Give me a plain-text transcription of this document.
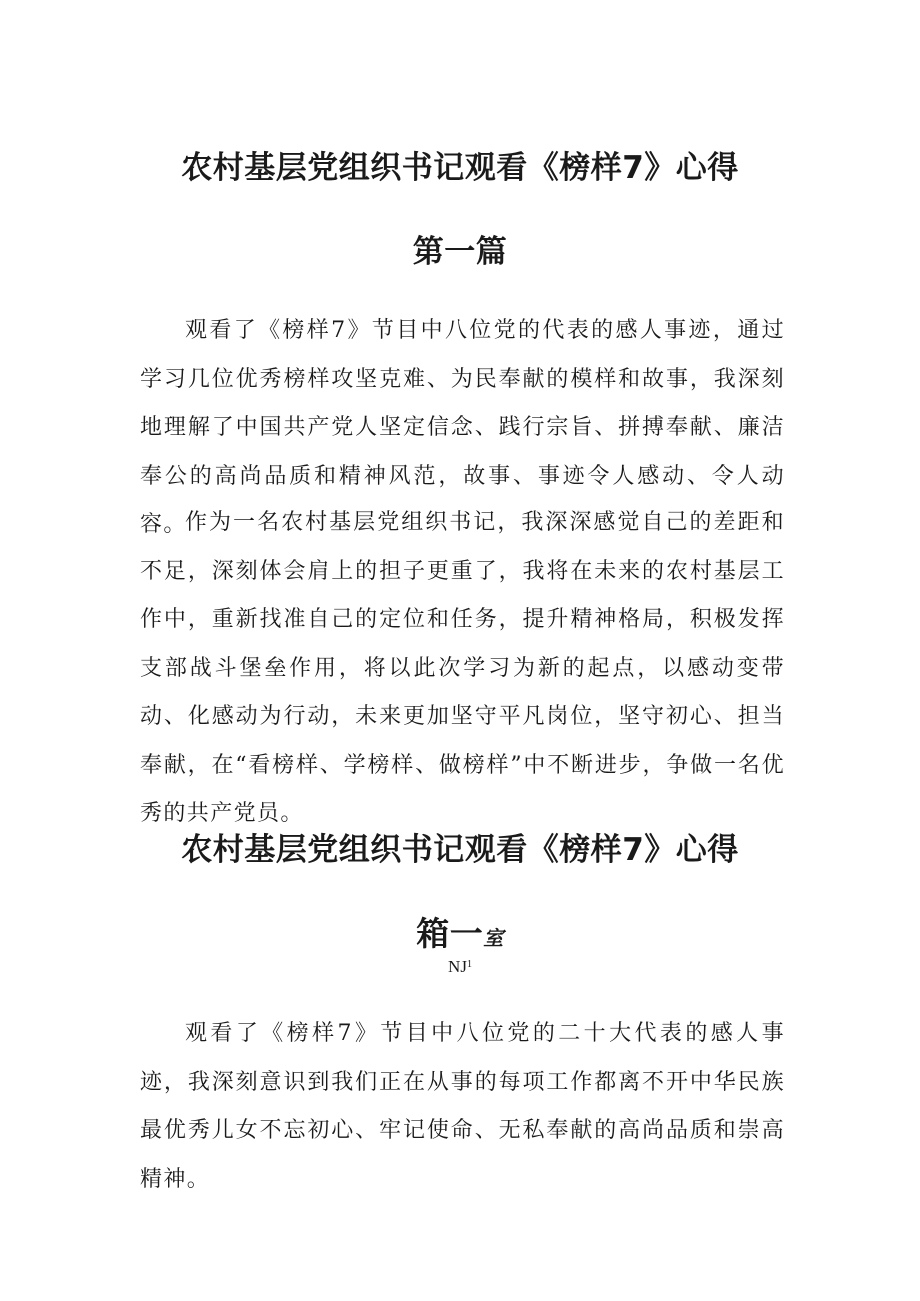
农村基层党组织书记观看《榜样7》心得
第一篇

观看了《榜样7》节目中八位党的代表的感人事迹，通过学习几位优秀榜样攻坚克难、为民奉献的模样和故事，我深刻地理解了中国共产党人坚定信念、践行宗旨、拼搏奉献、廉洁奉公的高尚品质和精神风范，故事、事迹令人感动、令人动容。

作为一名农村基层党组织书记，我深深感觉自己的差距和不足，深刻体会肩上的担子更重了，我将在未来的农村基层工作中，重新找准自己的定位和任务，提升精神格局，积极发挥支部战斗堡垒作用，将以此次学习为新的起点，以感动变带动、化感动为行动，未来更加坚守平凡岗位，坚守初心、担当奉献，在“看榜样、学榜样、做榜样”中不断进步，争做一名优秀的共产党员。

农村基层党组织书记观看《榜样7》心得
箱一室
$NJ^1$

观看了《榜样7》节目中八位党的二十大代表的感人事迹，我深刻意识到我们正在从事的每项工作都离不开中华民族最优秀儿女不忘初心、牢记使命、无私奉献的高尚品质和崇高精神。
